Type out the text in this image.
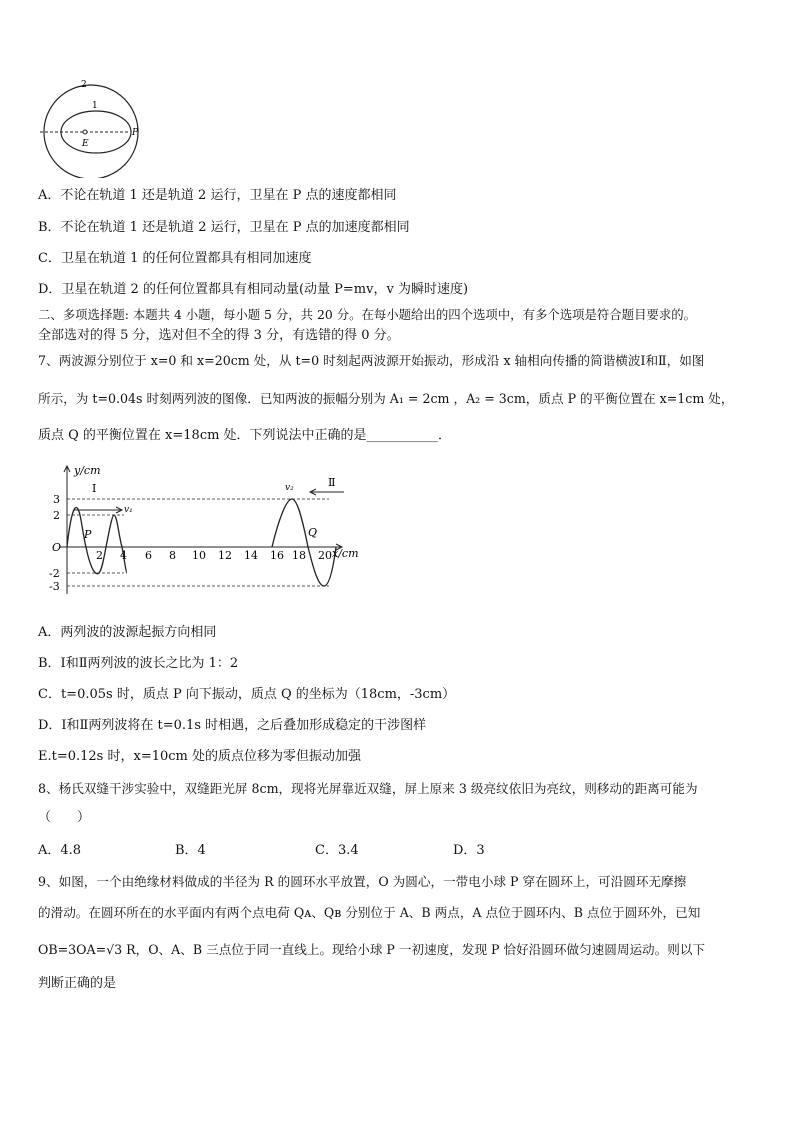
2
1
P
E
A．不论在轨道 1 还是轨道 2 运行，卫星在 P 点的速度都相同
B．不论在轨道 1 还是轨道 2 运行，卫星在 P 点的加速度都相同
C．卫星在轨道 1 的任何位置都具有相同加速度
D．卫星在轨道 2 的任何位置都具有相同动量(动量 P=mv，v 为瞬时速度)
二、多项选择题: 本题共 4 小题，每小题 5 分，共 20 分。在每小题给出的四个选项中，有多个选项是符合题目要求的。
全部选对的得 5 分，选对但不全的得 3 分，有选错的得 0 分。
7、两波源分别位于 x=0 和 x=20cm 处，从 t=0 时刻起两波源开始振动，形成沿 x 轴相向传播的简谐横波Ⅰ和Ⅱ，如图
所示，为 t=0.04s 时刻两列波的图像．已知两波的振幅分别为 A₁ = 2cm ，A₂ = 3cm，质点 P 的平衡位置在 x=1cm 处，
质点 Q 的平衡位置在 x=18cm 处．下列说法中正确的是___________．
y/cm
x/cm
O
Ⅰ	Ⅱ
v₁
v₂
P	Q
3
2
-2
-3
2 4 6 8 10 12 14 16 18 20
A．两列波的波源起振方向相同
B．Ⅰ和Ⅱ两列波的波长之比为 1：2
C．t=0.05s 时，质点 P 向下振动，质点 Q 的坐标为（18cm，-3cm）
D．Ⅰ和Ⅱ两列波将在 t=0.1s 时相遇，之后叠加形成稳定的干涉图样
E.t=0.12s 时，x=10cm 处的质点位移为零但振动加强
8、杨氏双缝干涉实验中，双缝距光屏 8cm，现将光屏靠近双缝，屏上原来 3 级亮纹依旧为亮纹，则移动的距离可能为
（　　）
A．4.8	B．4	C．3.4	D．3
9、如图，一个由绝缘材料做成的半径为 R 的圆环水平放置，O 为圆心，一带电小球 P 穿在圆环上，可沿圆环无摩擦
的滑动。在圆环所在的水平面内有两个点电荷 Qᴀ、Qʙ 分别位于 A、B 两点，A 点位于圆环内、B 点位于圆环外，已知
OB=3OA=√3 R，O、A、B 三点位于同一直线上。现给小球 P 一初速度，发现 P 恰好沿圆环做匀速圆周运动。则以下
判断正确的是
